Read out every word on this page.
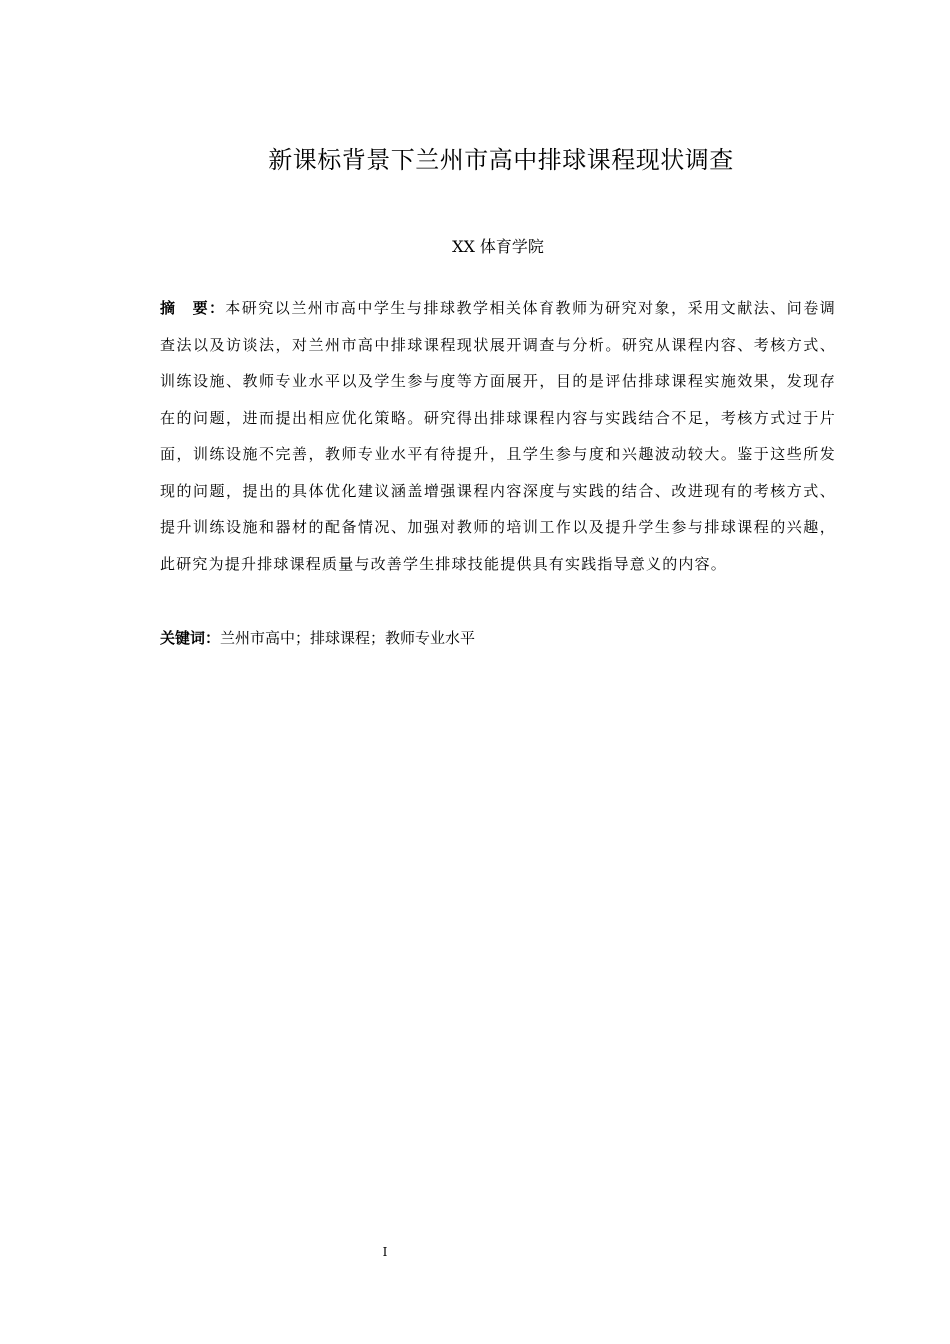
新课标背景下兰州市高中排球课程现状调查
XX 体育学院

摘　要：本研究以兰州市高中学生与排球教学相关体育教师为研究对象，采用文献法、问卷调查法以及访谈法，对兰州市高中排球课程现状展开调查与分析。研究从课程内容、考核方式、训练设施、教师专业水平以及学生参与度等方面展开，目的是评估排球课程实施效果，发现存在的问题，进而提出相应优化策略。研究得出排球课程内容与实践结合不足，考核方式过于片面，训练设施不完善，教师专业水平有待提升，且学生参与度和兴趣波动较大。鉴于这些所发现的问题，提出的具体优化建议涵盖增强课程内容深度与实践的结合、改进现有的考核方式、提升训练设施和器材的配备情况、加强对教师的培训工作以及提升学生参与排球课程的兴趣，此研究为提升排球课程质量与改善学生排球技能提供具有实践指导意义的内容。

关键词：兰州市高中；排球课程；教师专业水平

I
